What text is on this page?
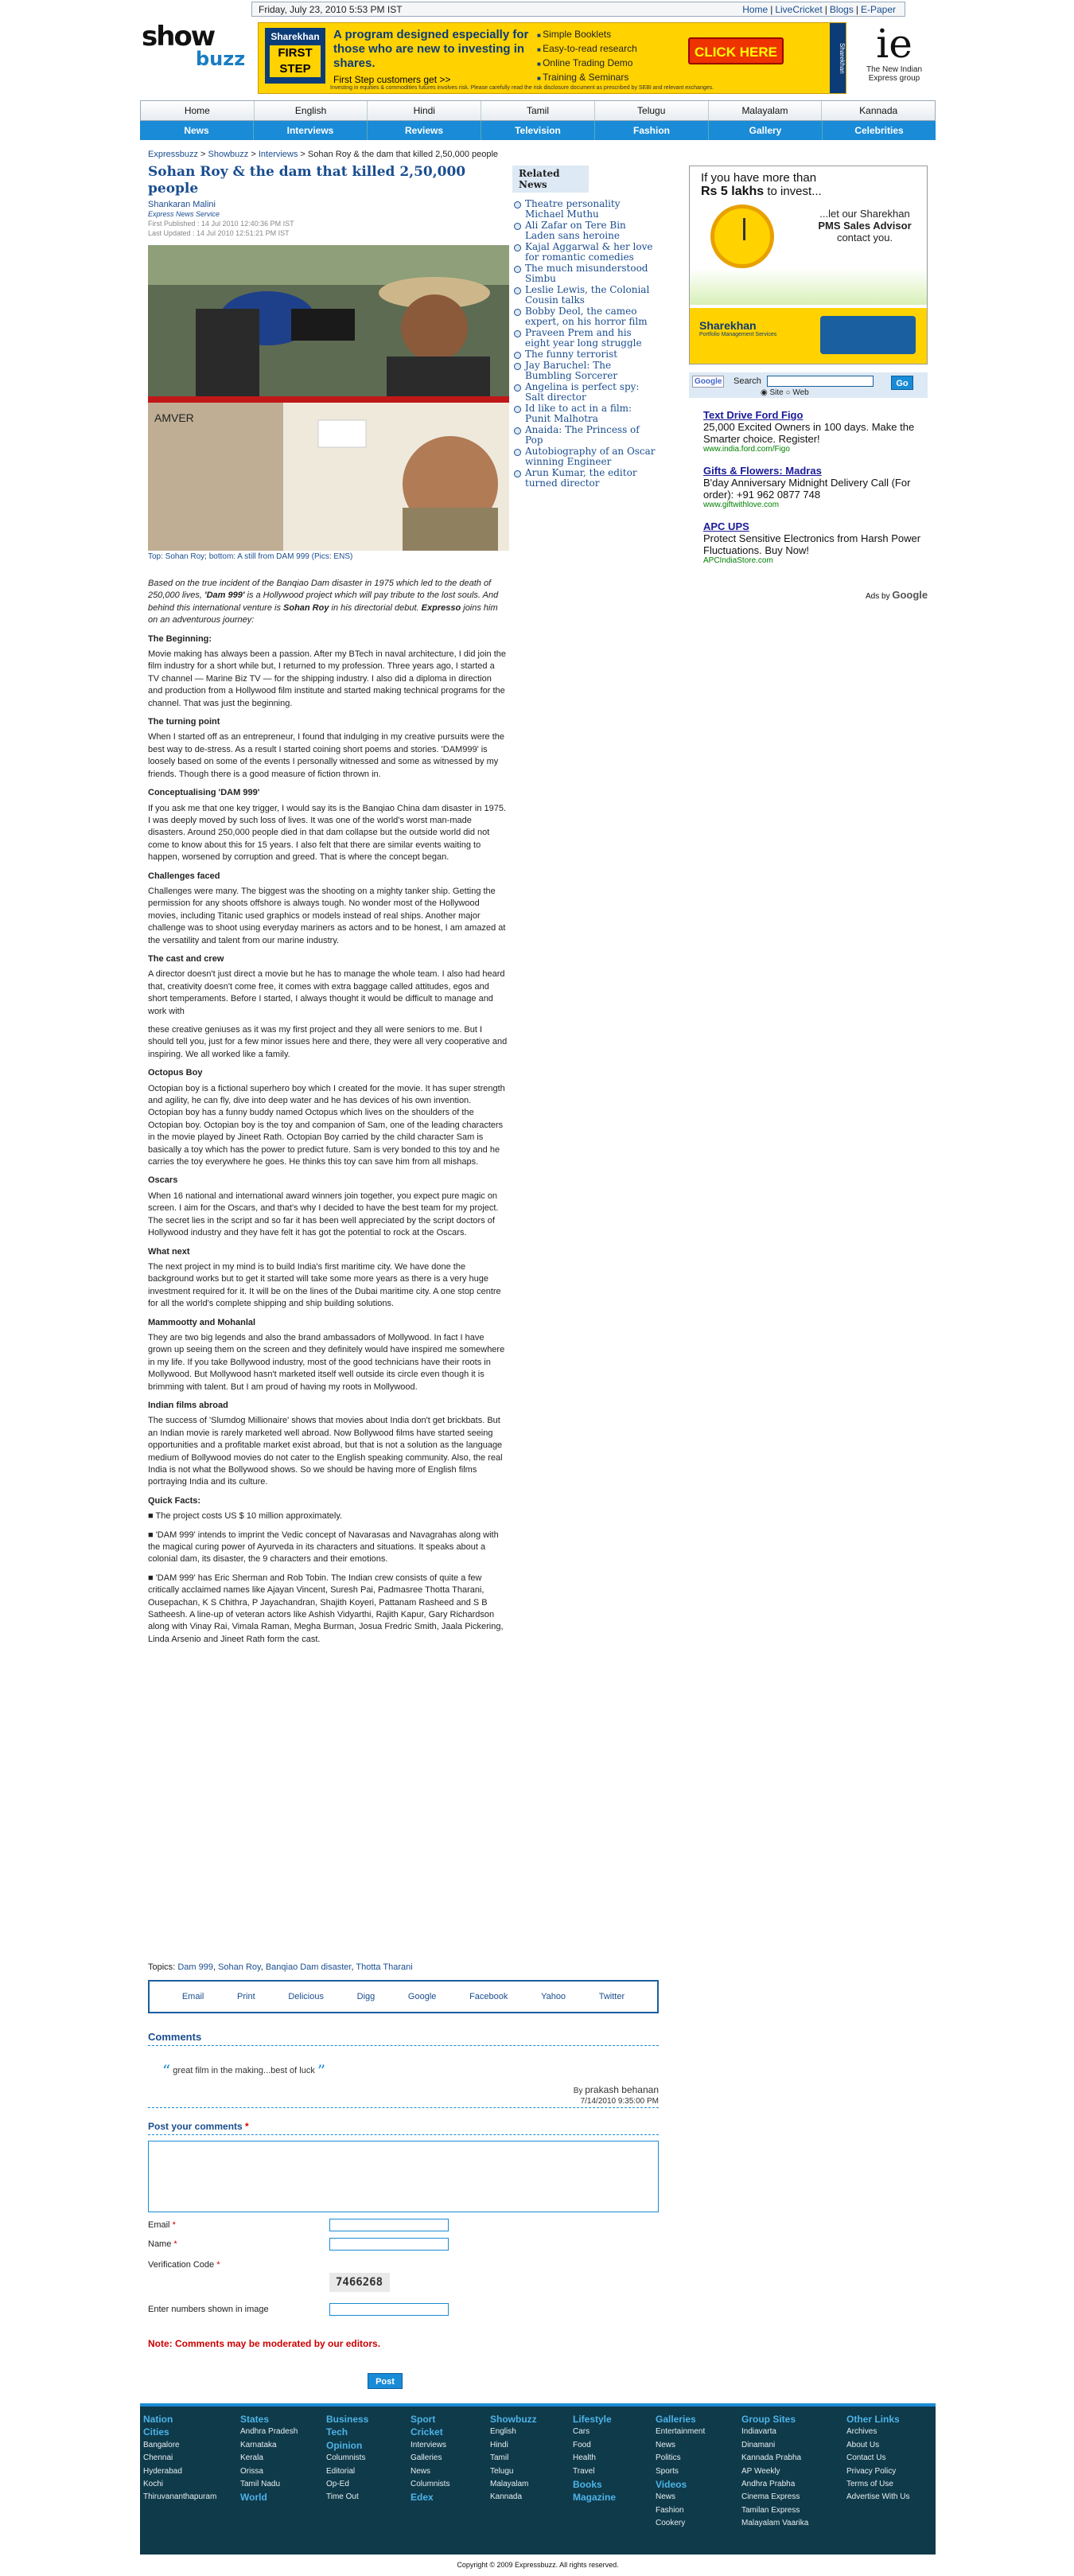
Friday, July 23, 2010 5:53 PM IST	Home | LiveCricket | Blogs | E-Paper
show
buzz
Sharekhan
FIRST STEP
A program designed especially for those who are new to investing in shares.
First Step customers get >>
■ Simple Booklets
■ Easy-to-read research
■ Online Trading Demo
■ Training & Seminars
CLICK HERE
Investing in equities & commodities futures involves risk. Please carefully read the risk disclosure document as prescribed by SEBI and relevant exchanges.
Sharekhan ie
The New Indian Express group
Home	English	Hindi	Tamil	Telugu	Malayalam	Kannada
News	Interviews	Reviews	Television	Fashion	Gallery	Celebrities
Expressbuzz > Showbuzz > Interviews > Sohan Roy & the dam that killed 2,50,000 people
Sohan Roy & the dam that killed 2,50,000 people
Shankaran Malini
Express News Service
First Published : 14 Jul 2010 12:40:36 PM IST
Last Updated : 14 Jul 2010 12:51:21 PM IST
AMVER
Top: Sohan Roy; bottom: A still from DAM 999 (Pics: ENS)

Based on the true incident of the Banqiao Dam disaster in 1975 which led to the death of 250,000 lives, 'Dam 999' is a Hollywood project which will pay tribute to the lost souls. And behind this international venture is Sohan Roy in his directorial debut. Expresso joins him on an adventurous journey:

The Beginning:

Movie making has always been a passion. After my BTech in naval architecture, I did join the film industry for a short while but, I returned to my profession. Three years ago, I started a TV channel — Marine Biz TV — for the shipping industry. I also did a diploma in direction and production from a Hollywood film institute and started making technical programs for the channel. That was just the beginning.

The turning point

When I started off as an entrepreneur, I found that indulging in my creative pursuits were the best way to de-stress. As a result I started coining short poems and stories. 'DAM999' is loosely based on some of the events I personally witnessed and some as witnessed by my friends. Though there is a good measure of fiction thrown in.

Conceptualising 'DAM 999'

If you ask me that one key trigger, I would say its is the Banqiao China dam disaster in 1975. I was deeply moved by such loss of lives. It was one of the world's worst man-made disasters. Around 250,000 people died in that dam collapse but the outside world did not come to know about this for 15 years. I also felt that there are similar events waiting to happen, worsened by corruption and greed. That is where the concept began.

Challenges faced

Challenges were many. The biggest was the shooting on a mighty tanker ship. Getting the permission for any shoots offshore is always tough. No wonder most of the Hollywood movies, including Titanic used graphics or models instead of real ships. Another major challenge was to shoot using everyday mariners as actors and to be honest, I am amazed at the versatility and talent from our marine industry.

The cast and crew

A director doesn't just direct a movie but he has to manage the whole team. I also had heard that, creativity doesn't come free, it comes with extra baggage called attitudes, egos and short temperaments. Before I started, I always thought it would be difficult to manage and work with

these creative geniuses as it was my first project and they all were seniors to me. But I should tell you, just for a few minor issues here and there, they were all very cooperative and inspiring. We all worked like a family.

Octopus Boy

Octopian boy is a fictional superhero boy which I created for the movie. It has super strength and agility, he can fly, dive into deep water and he has devices of his own invention. Octopian boy has a funny buddy named Octopus which lives on the shoulders of the Octopian boy. Octopian boy is the toy and companion of Sam, one of the leading characters in the movie played by Jineet Rath. Octopian Boy carried by the child character Sam is basically a toy which has the power to predict future. Sam is very bonded to this toy and he carries the toy everywhere he goes. He thinks this toy can save him from all mishaps.

Oscars

When 16 national and international award winners join together, you expect pure magic on screen. I aim for the Oscars, and that's why I decided to have the best team for my project. The secret lies in the script and so far it has been well appreciated by the script doctors of Hollywood industry and they have felt it has got the potential to rock at the Oscars.

What next

The next project in my mind is to build India's first maritime city. We have done the background works but to get it started will take some more years as there is a very huge investment required for it. It will be on the lines of the Dubai maritime city. A one stop centre for all the world's complete shipping and ship building solutions.

Mammootty and Mohanlal

They are two big legends and also the brand ambassadors of Mollywood. In fact I have grown up seeing them on the screen and they definitely would have inspired me somewhere in my life. If you take Bollywood industry, most of the good technicians have their roots in Mollywood. But Mollywood hasn't marketed itself well outside its circle even though it is brimming with talent. But I am proud of having my roots in Mollywood.

Indian films abroad

The success of 'Slumdog Millionaire' shows that movies about India don't get brickbats. But an Indian movie is rarely marketed well abroad. Now Bollywood films have started seeing opportunities and a profitable market exist abroad, but that is not a solution as the language medium of Bollywood movies do not cater to the English speaking community. Also, the real India is not what the Bollywood shows. So we should be having more of English films portraying India and its culture.

Quick Facts:

■ The project costs US $ 10 million approximately.

■ 'DAM 999' intends to imprint the Vedic concept of Navarasas and Navagrahas along with the magical curing power of Ayurveda in its characters and situations. It speaks about a colonial dam, its disaster, the 9 characters and their emotions.

■ 'DAM 999' has Eric Sherman and Rob Tobin. The Indian crew consists of quite a few critically acclaimed names like Ajayan Vincent, Suresh Pai, Padmasree Thotta Tharani, Ousepachan, K S Chithra, P Jayachandran, Shajith Koyeri, Pattanam Rasheed and S B Satheesh. A line-up of veteran actors like Ashish Vidyarthi, Rajith Kapur, Gary Richardson along with Vinay Rai, Vimala Raman, Megha Burman, Josua Fredric Smith, Jaala Pickering, Linda Arsenio and Jineet Rath form the cast.

Topics: Dam 999, Sohan Roy, Banqiao Dam disaster, Thotta Tharani
Email	Print	Delicious	Digg	Google	Facebook	Yahoo	Twitter
Comments
“ great film in the making...best of luck ”
By prakash behanan
7/14/2010 9:35:00 PM
Post your comments *
Email *
Name *
Verification Code *
7466268
Enter numbers shown in image
Note: Comments may be moderated by our editors.
Post
Related News
Theatre personality Michael Muthu
Ali Zafar on Tere Bin Laden sans heroine
Kajal Aggarwal & her love for romantic comedies
The much misunderstood Simbu
Leslie Lewis, the Colonial Cousin talks
Bobby Deol, the cameo expert, on his horror film
Praveen Prem and his eight year long struggle
The funny terrorist
Jay Baruchel: The Bumbling Sorcerer
Angelina is perfect spy: Salt director
Id like to act in a film: Punit Malhotra
Anaida: The Princess of Pop
Autobiography of an Oscar winning Engineer
Arun Kumar, the editor turned director
If you have more than
Rs 5 lakhs to invest...
...let our Sharekhan
PMS Sales Advisor
contact you.
Sharekhan
Portfolio Management Services
Google Search	Go
◉ Site ○ Web
Text Drive Ford Figo
25,000 Excited Owners in 100 days. Make the Smarter choice. Register!
www.india.ford.com/Figo
Gifts & Flowers: Madras
B'day Anniversary Midnight Delivery Call (For order): +91 962 0877 748
www.giftwithlove.com
APC UPS
Protect Sensitive Electronics from Harsh Power Fluctuations. Buy Now!
APCIndiaStore.com
Ads by Google
Nation
Cities
Bangalore
Chennai
Hyderabad
Kochi
Thiruvananthapuram
States
Andhra Pradesh
Karnataka
Kerala
Orissa
Tamil Nadu
World
Business
Tech
Opinion
Columnists
Editorial
Op-Ed
Time Out
Sport
Cricket
Interviews
Galleries
News
Columnists
Edex
Showbuzz
English
Hindi
Tamil
Telugu
Malayalam
Kannada
Lifestyle
Cars
Food
Health
Travel
Books
Magazine
Galleries
Entertainment
News
Politics
Sports
Videos
News
Fashion
Cookery
Group Sites
Indiavarta
Dinamani
Kannada Prabha
AP Weekly
Andhra Prabha
Cinema Express
Tamilan Express
Malayalam Vaarika
Other Links
Archives
About Us
Contact Us
Privacy Policy
Terms of Use
Advertise With Us
Copyright © 2009 Expressbuzz. All rights reserved.
